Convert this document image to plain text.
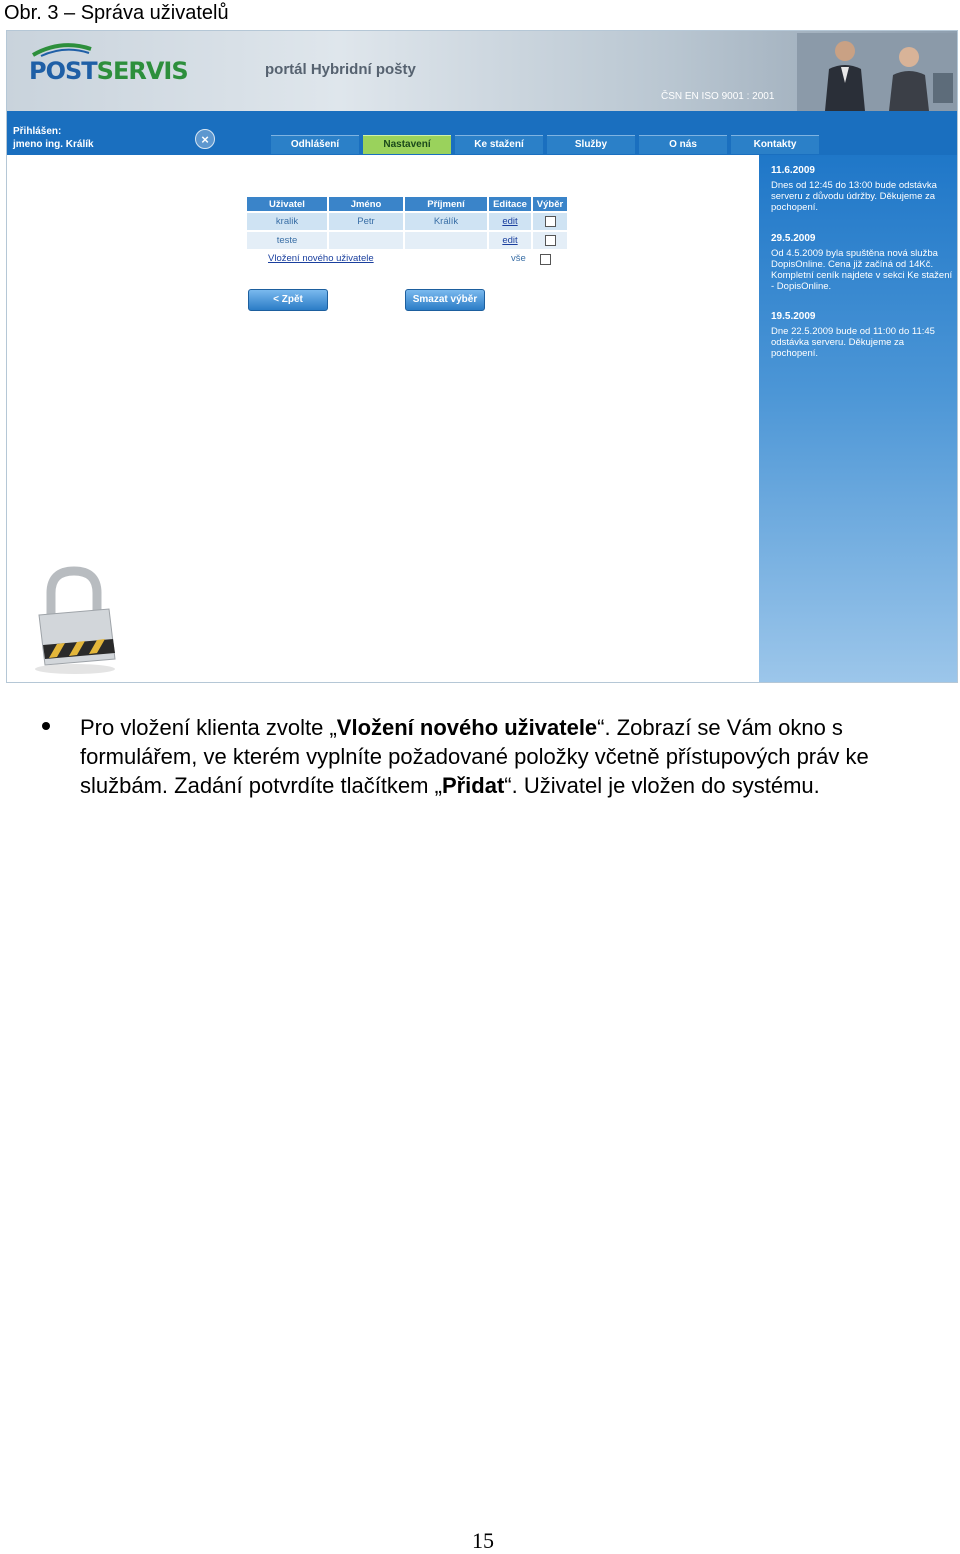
Obr. 3 – Správa uživatelů
POSTSERVIS	portál Hybridní pošty
ČSN EN ISO 9001 : 2001
Přihlášen:
jmeno ing. Králík	×	Odhlášení	Nastavení	Ke stažení	Služby	O nás	Kontakty
11.6.2009
Dnes od 12:45 do 13:00 bude odstávka serveru z důvodu údržby. Děkujeme za pochopení.
29.5.2009
Od 4.5.2009 byla spuštěna nová služba DopisOnline. Cena již začíná od 14Kč. Kompletní ceník najdete v sekci Ke stažení - DopisOnline.
19.5.2009
Dne 22.5.2009 bude od 11:00 do 11:45 odstávka serveru. Děkujeme za pochopení.
Uživatel	Jméno	Příjmení	Editace	Výběr
kralik	Petr	Králík	edit	
teste			edit	
Vložení nového uživatele	vše
< Zpět	Smazat výběr
Pro vložení klienta zvolte „Vložení nového uživatele“. Zobrazí se Vám okno s formulářem, ve kterém vyplníte požadované položky včetně přístupových práv ke službám. Zadání potvrdíte tlačítkem „Přidat“. Uživatel je vložen do systému.
15
